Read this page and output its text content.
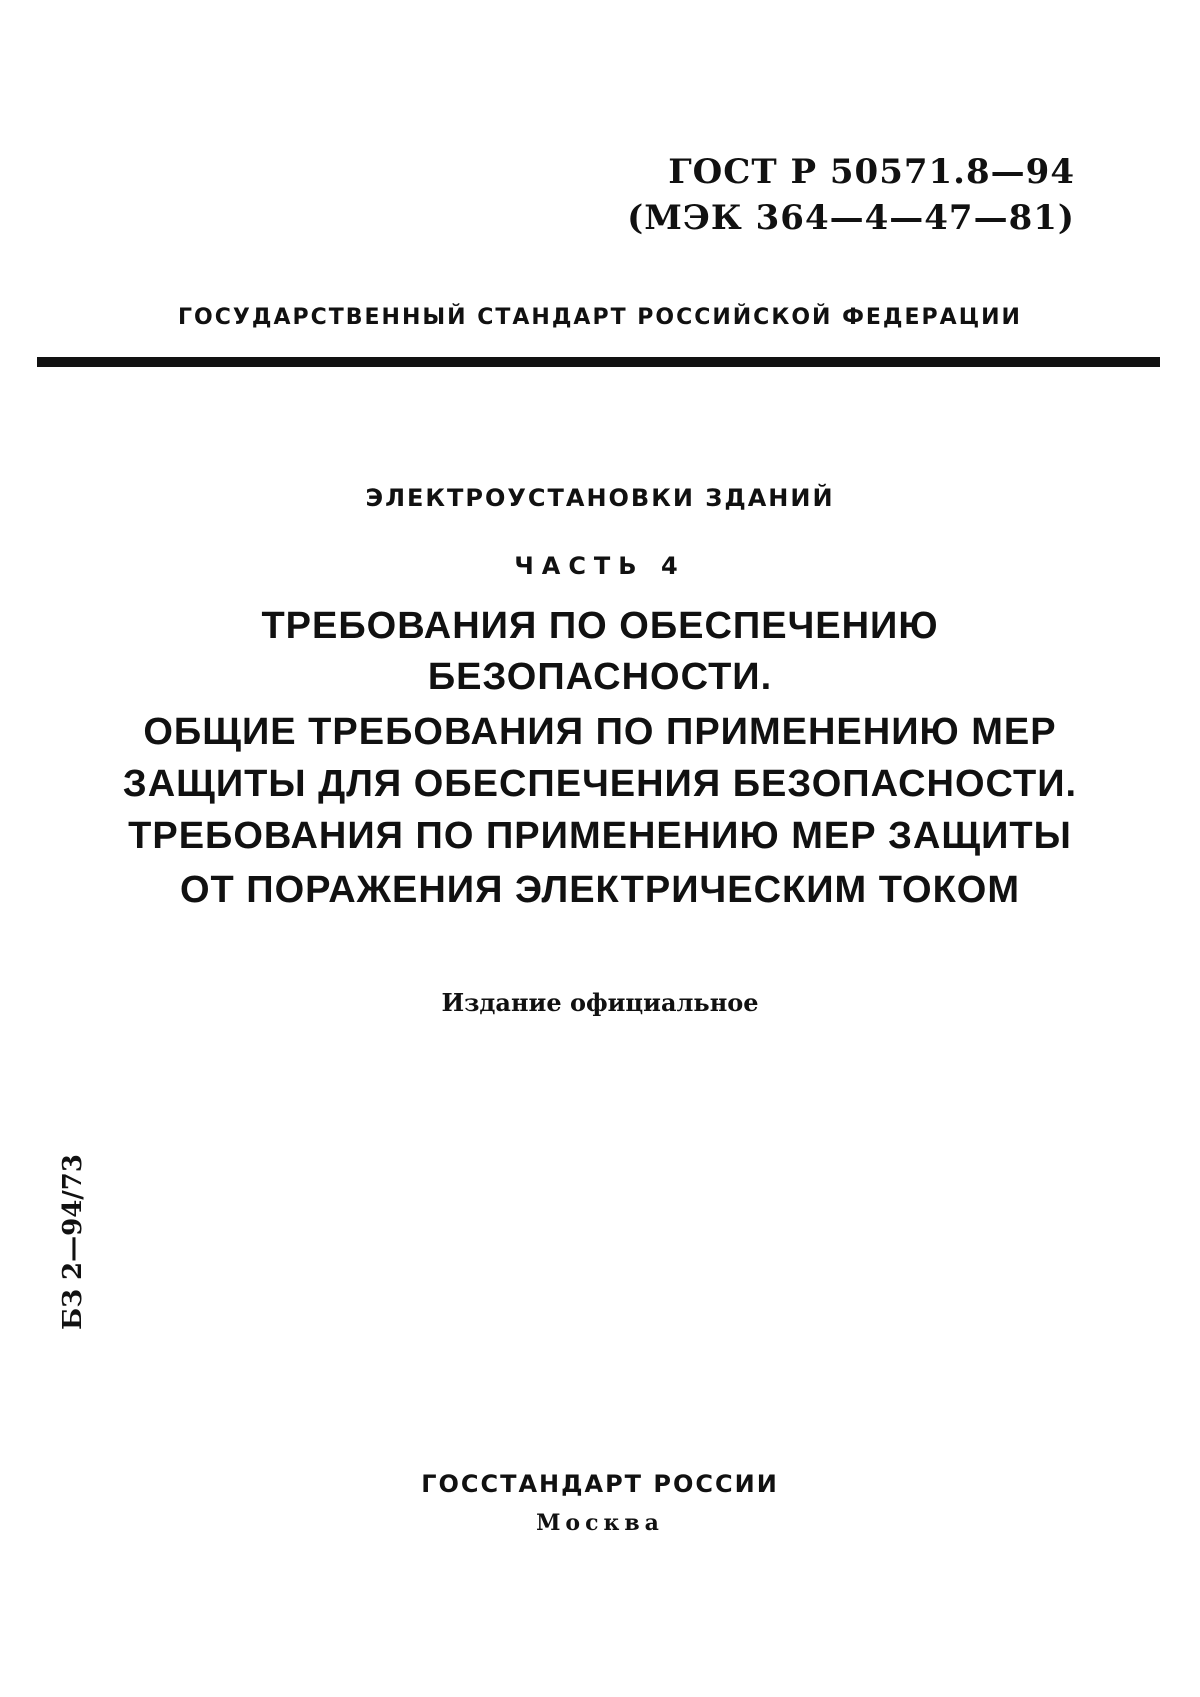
ГОСТ Р 50571.8—94
(МЭК 364—4—47—81)
ГОСУДАРСТВЕННЫЙ СТАНДАРТ РОССИЙСКОЙ ФЕДЕРАЦИИ
ЭЛЕКТРОУСТАНОВКИ ЗДАНИЙ
ЧАСТЬ 4
ТРЕБОВАНИЯ ПО ОБЕСПЕЧЕНИЮ
БЕЗОПАСНОСТИ.
ОБЩИЕ ТРЕБОВАНИЯ ПО ПРИМЕНЕНИЮ МЕР
ЗАЩИТЫ ДЛЯ ОБЕСПЕЧЕНИЯ БЕЗОПАСНОСТИ.
ТРЕБОВАНИЯ ПО ПРИМЕНЕНИЮ МЕР ЗАЩИТЫ
ОТ ПОРАЖЕНИЯ ЭЛЕКТРИЧЕСКИМ ТОКОМ
Издание официальное
БЗ 2—94/73
ГОССТАНДАРТ РОССИИ
Москва
